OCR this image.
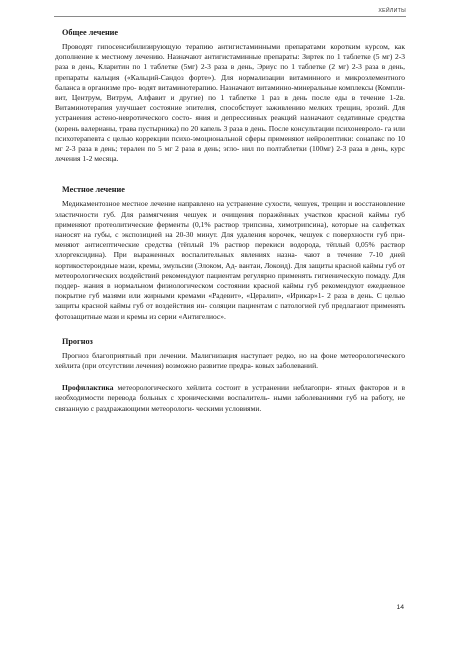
ХЕЙЛИТЫ
Общее лечение

Проводят гипосенсибилизирующую терапию антигистаминными препаратами коротким курсом, как дополнение к местному лечению. Назначают антигистаминные препараты: Зиртек по 1 таблетке (5 мг) 2-3 раза в день, Кларитин по 1 таблетке (5мг) 2-3 раза в день, Эриус по 1 таблетке (2 мг) 2-3 раза в день, препараты кальция («Кальций-Сандоз форте»). Для нормализации витаминного и микроэлементного баланса в организме про- водят витаминотерапию. Назначают витаминно-минеральные комплексы (Компли- вит, Центрум, Витрум, Алфавит и другие) по 1 таблетке 1 раз в день после еды в течение 1-2в. Витаминотерапия улучшает состояние эпителия, способствует заживлению мелких трещин, эрозий. Для устранения астено-невротического состо- яния и депрессивных реакций назначают седативные средства (корень валерианы, трава пустырника) по 20 капель 3 раза в день. После консультации психоневроло- га или психотерапевта с целью коррекции психо-эмоциональной сферы применяют нейролептики: сонапакс по 10 мг 2-3 раза в день; терален по 5 мг 2 раза в день; эгло- нил по полтаблетки (100мг) 2-3 раза в день, курс лечения 1-2 месяца.

Местное лечение

Медикаментозное местное лечение направлено на устранение сухости, чешуек, трещин и восстановление эластичности губ. Для размягчения чешуек и очищения поражённых участков красной каймы губ применяют протеолитические ферменты (0,1% раствор трипсина, химотрипсина), которые на салфетках наносят на губы, с экспозицией на 20-30 минут. Для удаления корочек, чешуек с поверхности губ при- меняют антисептические средства (тёплый 1% раствор перекиси водорода, тёплый 0,05% раствор хлоргексидина). При выраженных воспалительных явлениях назна- чают в течение 7-10 дней кортикостероидные мази, кремы, эмульсии (Элоком, Ад- вантан, Локоид). Для защиты красной каймы губ от метеорологических воздействий рекомендуют пациентам регулярно применять гигиеническую помаду. Для поддер- жания в нормальном физиологическом состоянии красной каймы губ рекомендуют ежедневное покрытие губ мазями или жирными кремами «Радевит», «Цералип», «Ирикар»1- 2 раза в день. С целью защиты красной каймы губ от воздействия ин- соляции пациентам с патологией губ предлагают применять фотозащитные мази и кремы из серии «Антигелиос».

Прогноз

Прогноз благоприятный при лечении. Малигнизация наступает редко, но на фоне метеорологического хейлита (при отсутствии лечения) возможно развитие предра- ковых заболеваний.

Профилактика метеорологического хейлита состоит в устранении неблагопри- ятных факторов и в необходимости перевода больных с хроническими воспалитель- ными заболеваниями губ на работу, не связанную с раздражающими метеорологи- ческими условиями.

14
